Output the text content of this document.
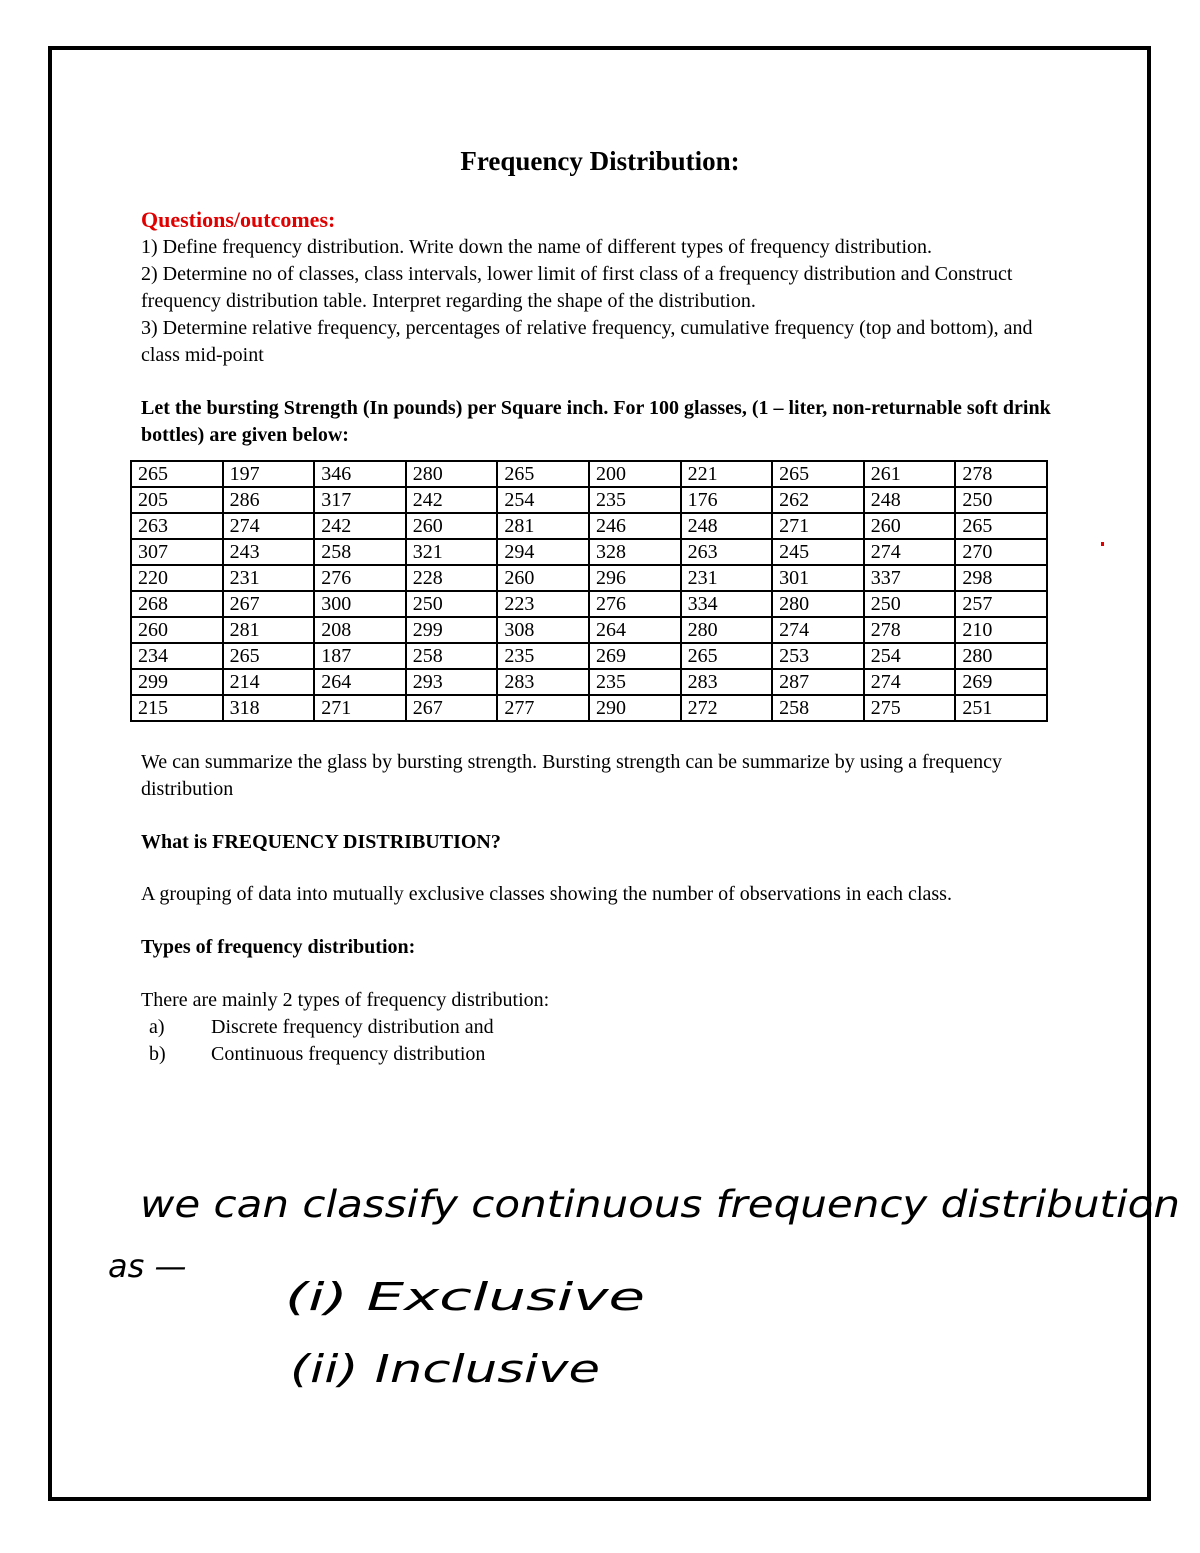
Frequency Distribution:

Questions/outcomes:

1) Define frequency distribution. Write down the name of different types of frequency distribution.

2) Determine no of classes, class intervals, lower limit of first class of a frequency distribution and Construct frequency distribution table. Interpret regarding the shape of the distribution.

3) Determine relative frequency, percentages of relative frequency, cumulative frequency (top and bottom), and class mid-point

Let the bursting Strength (In pounds) per Square inch. For 100 glasses, (1 – liter, non-returnable soft drink bottles) are given below:

265	197	346	280	265	200	221	265	261	278
205	286	317	242	254	235	176	262	248	250
263	274	242	260	281	246	248	271	260	265
307	243	258	321	294	328	263	245	274	270
220	231	276	228	260	296	231	301	337	298
268	267	300	250	223	276	334	280	250	257
260	281	208	299	308	264	280	274	278	210
234	265	187	258	235	269	265	253	254	280
299	214	264	293	283	235	283	287	274	269
215	318	271	267	277	290	272	258	275	251

We can summarize the glass by bursting strength. Bursting strength can be summarize by using a frequency distribution

What is FREQUENCY DISTRIBUTION?

A grouping of data into mutually exclusive classes showing the number of observations in each class.

Types of frequency distribution:

There are mainly 2 types of frequency distribution:

a) Discrete frequency distribution and
b) Continuous frequency distribution
we can classify continuous frequency distribution
as —
(i) Exclusive
(ii) Inclusive
